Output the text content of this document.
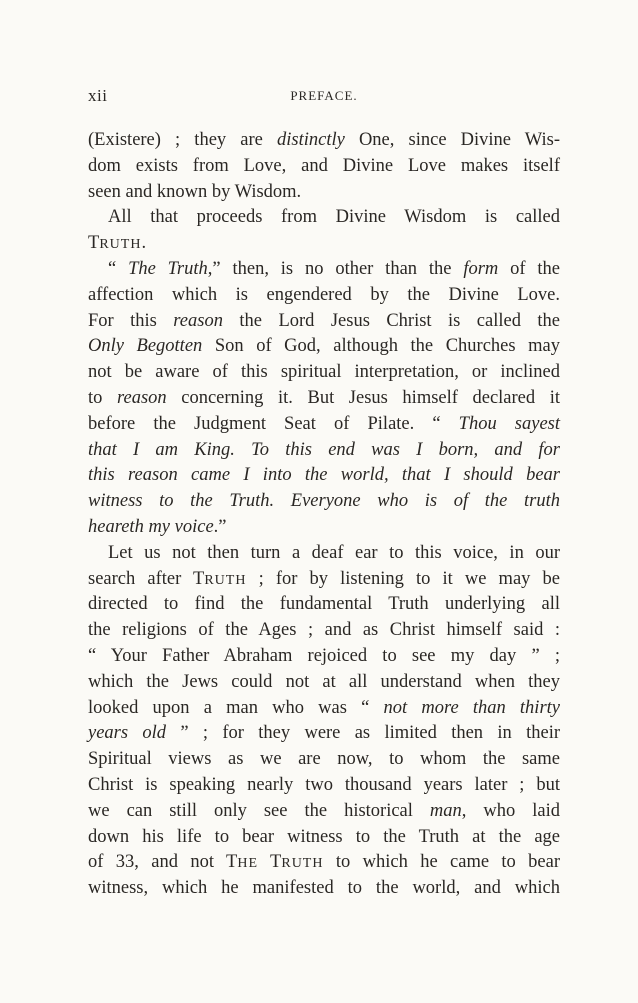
xii	PREFACE.
(Existere) ; they are distinctly One, since Divine Wis-
dom exists from Love, and Divine Love makes itself
seen and known by Wisdom.
All that proceeds from Divine Wisdom is called
TRUTH.
“ The Truth,” then, is no other than the form of the
affection which is engendered by the Divine Love.
For this reason the Lord Jesus Christ is called the
Only Begotten Son of God, although the Churches may
not be aware of this spiritual interpretation, or inclined
to reason concerning it. But Jesus himself declared it
before the Judgment Seat of Pilate. “ Thou sayest
that I am King. To this end was I born, and for
this reason came I into the world, that I should bear
witness to the Truth. Everyone who is of the truth
heareth my voice.”
Let us not then turn a deaf ear to this voice, in our
search after TRUTH ; for by listening to it we may be
directed to find the fundamental Truth underlying all
the religions of the Ages ; and as Christ himself said :
“ Your Father Abraham rejoiced to see my day ” ;
which the Jews could not at all understand when they
looked upon a man who was “ not more than thirty
years old ” ; for they were as limited then in their
Spiritual views as we are now, to whom the same
Christ is speaking nearly two thousand years later ; but
we can still only see the historical man, who laid
down his life to bear witness to the Truth at the age
of 33, and not THE TRUTH to which he came to bear
witness, which he manifested to the world, and which
